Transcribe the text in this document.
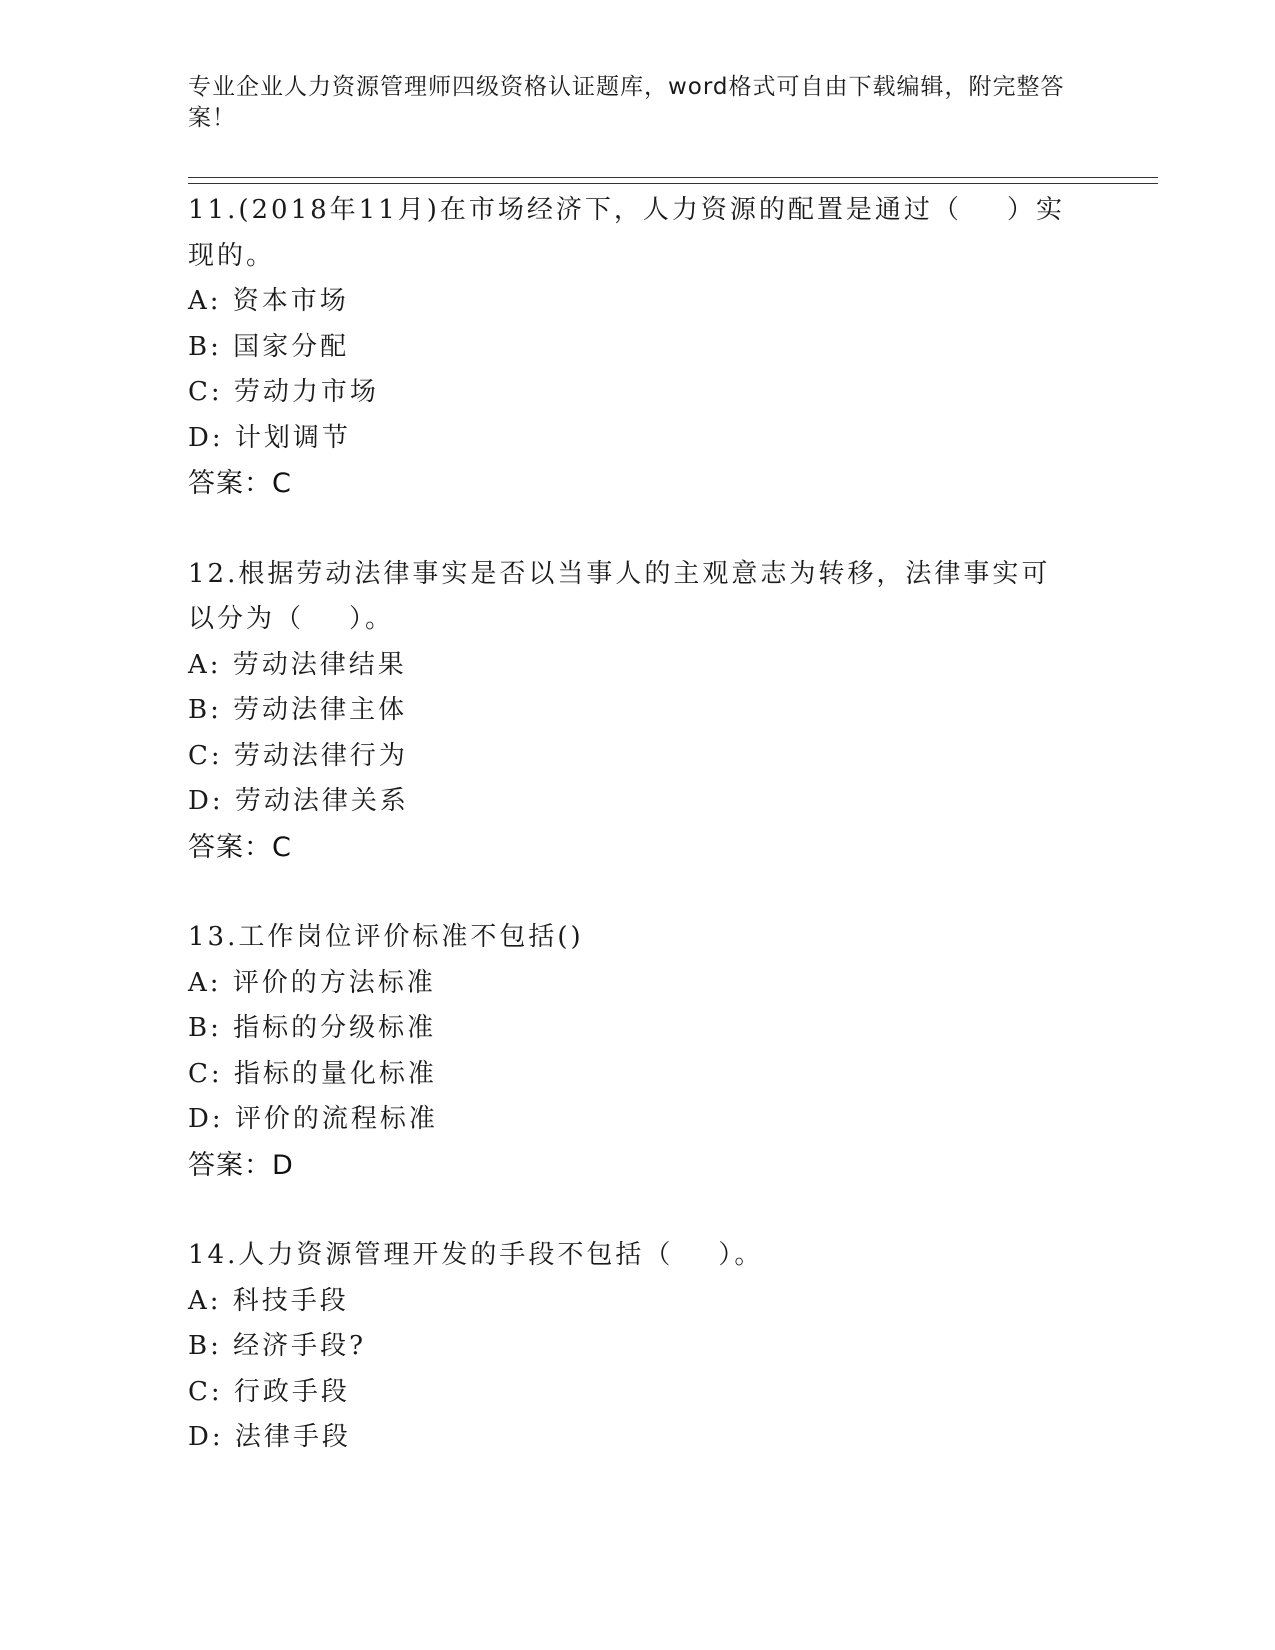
专业企业人力资源管理师四级资格认证题库，word格式可自由下载编辑，附完整答案！
11.(2018年11月)在市场经济下，人力资源的配置是通过（    ）实现的。
A: 资本市场
B: 国家分配
C: 劳动力市场
D: 计划调节
答案：C
12.根据劳动法律事实是否以当事人的主观意志为转移，法律事实可以分为（    ）。
A: 劳动法律结果
B: 劳动法律主体
C: 劳动法律行为
D: 劳动法律关系
答案：C
13.工作岗位评价标准不包括()
A: 评价的方法标准
B: 指标的分级标准
C: 指标的量化标准
D: 评价的流程标准
答案：D
14.人力资源管理开发的手段不包括（    ）。
A: 科技手段
B: 经济手段?
C: 行政手段
D: 法律手段
